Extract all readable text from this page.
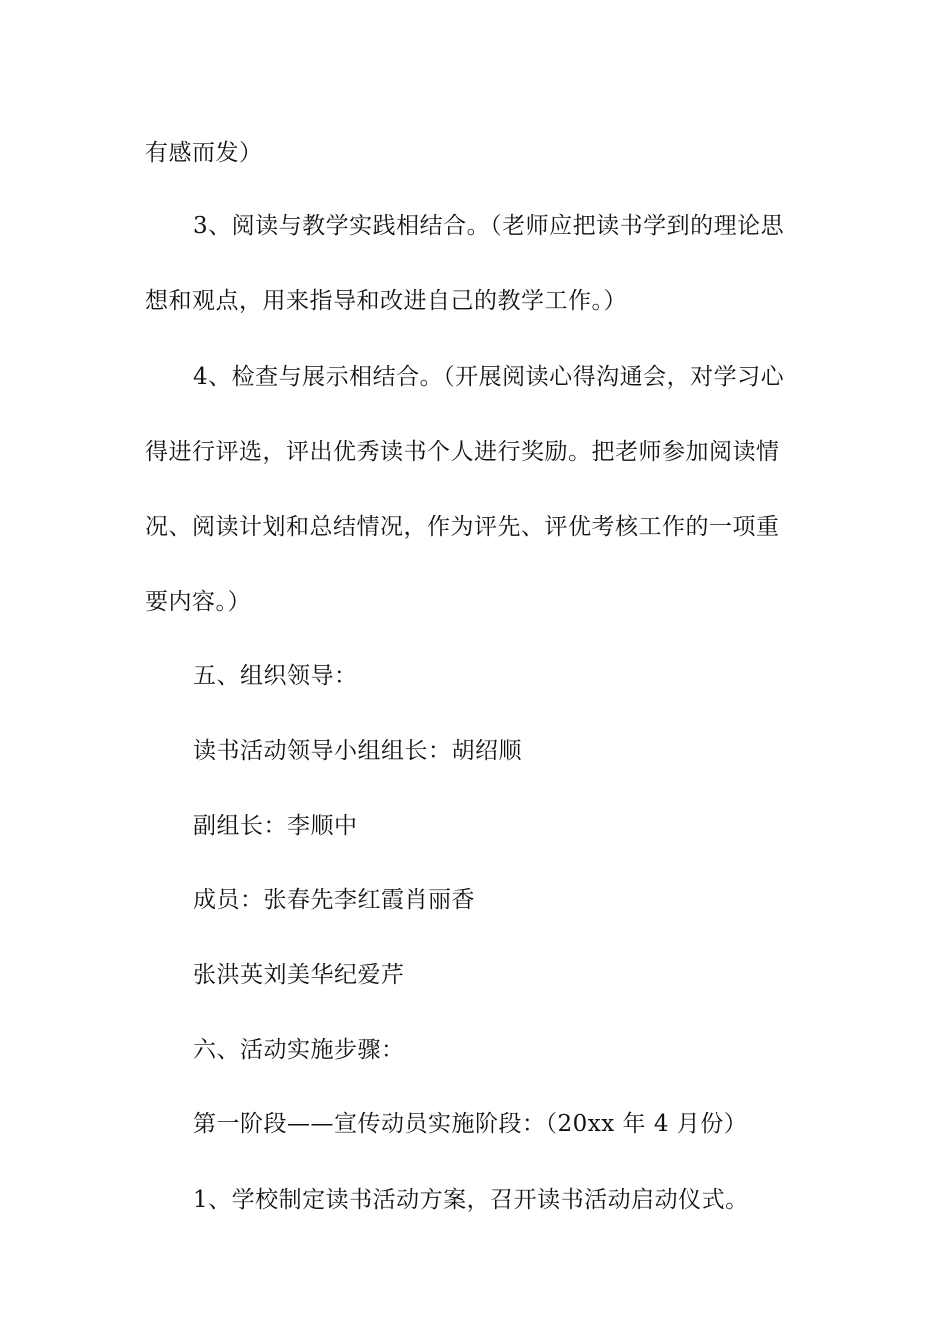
有感而发）
3、阅读与教学实践相结合。（老师应把读书学到的理论思
想和观点，用来指导和改进自己的教学工作。）
4、检查与展示相结合。（开展阅读心得沟通会，对学习心
得进行评选，评出优秀读书个人进行奖励。把老师参加阅读情
况、阅读计划和总结情况，作为评先、评优考核工作的一项重
要内容。）
五、组织领导：
读书活动领导小组组长：胡绍顺
副组长：李顺中
成员：张春先李红霞肖丽香
张洪英刘美华纪爱芹
六、活动实施步骤：
第一阶段——宣传动员实施阶段：（20xx 年 4 月份）
1、学校制定读书活动方案，召开读书活动启动仪式。
